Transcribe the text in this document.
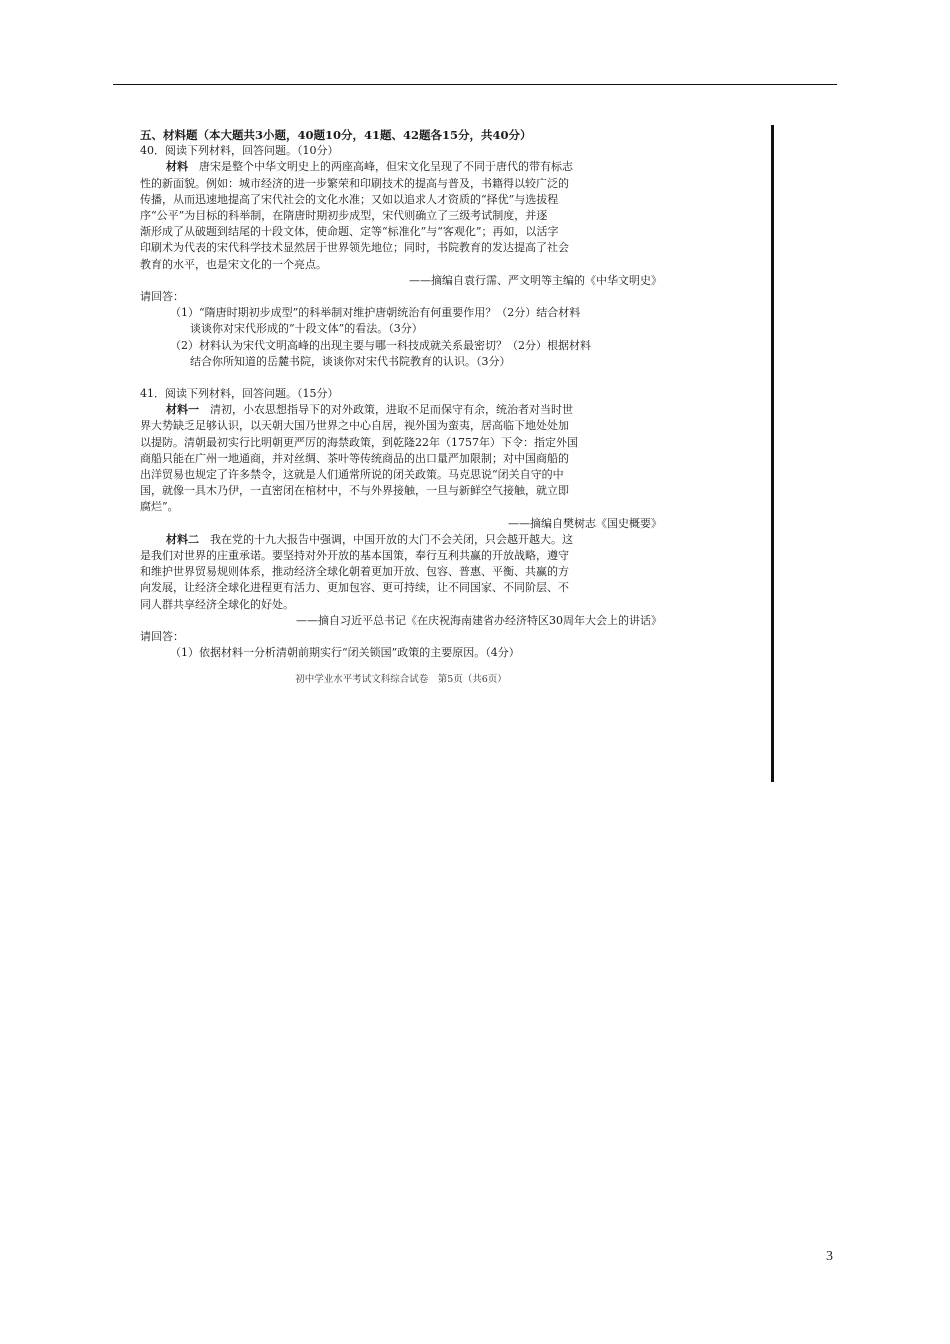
五、材料题（本大题共3小题，40题10分，41题、42题各15分，共40分）

40．阅读下列材料，回答问题。（10分）

材料　 唐宋是整个中华文明史上的两座高峰，但宋文化呈现了不同于唐代的带有标志

性的新面貌。例如：城市经济的进一步繁荣和印刷技术的提高与普及，书籍得以较广泛的

传播，从而迅速地提高了宋代社会的文化水准；又如以追求人才资质的“择优”与选拔程

序“公平”为目标的科举制，在隋唐时期初步成型，宋代则确立了三级考试制度，并逐

渐形成了从破题到结尾的十段文体，使命题、定等“标准化”与“客观化”；再如，以活字

印刷术为代表的宋代科学技术显然居于世界领先地位；同时，书院教育的发达提高了社会

教育的水平，也是宋文化的一个亮点。

——摘编自袁行霈、严文明等主编的《中华文明史》

请回答：

（1）“隋唐时期初步成型”的科举制对维护唐朝统治有何重要作用？（2分）结合材料

谈谈你对宋代形成的“十段文体”的看法。（3分）

（2）材料认为宋代文明高峰的出现主要与哪一科技成就关系最密切？（2分）根据材料

结合你所知道的岳麓书院，谈谈你对宋代书院教育的认识。（3分）

41．阅读下列材料，回答问题。（15分）

材料一　 清初，小农思想指导下的对外政策，进取不足而保守有余，统治者对当时世

界大势缺乏足够认识，以天朝大国乃世界之中心自居，视外国为蛮夷，居高临下地处处加

以提防。清朝最初实行比明朝更严厉的海禁政策，到乾隆22年（1757年）下令：指定外国

商船只能在广州一地通商，并对丝绸、茶叶等传统商品的出口量严加限制；对中国商船的

出洋贸易也规定了许多禁令，这就是人们通常所说的闭关政策。马克思说“闭关自守的中

国，就像一具木乃伊，一直密闭在棺材中，不与外界接触，一旦与新鲜空气接触，就立即

腐烂”。

——摘编自樊树志《国史概要》

材料二　 我在党的十九大报告中强调，中国开放的大门不会关闭，只会越开越大。这

是我们对世界的庄重承诺。要坚持对外开放的基本国策，奉行互利共赢的开放战略，遵守

和维护世界贸易规则体系，推动经济全球化朝着更加开放、包容、普惠、平衡、共赢的方

向发展，让经济全球化进程更有活力、更加包容、更可持续，让不同国家、不同阶层、不

同人群共享经济全球化的好处。

——摘自习近平总书记《在庆祝海南建省办经济特区30周年大会上的讲话》

请回答：

（1）依据材料一分析清朝前期实行“闭关锁国”政策的主要原因。（4分）

初中学业水平考试文科综合试卷　第5页（共6页）

3
